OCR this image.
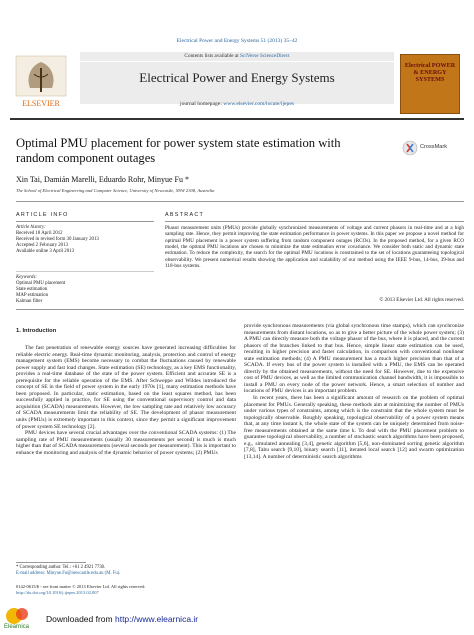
Electrical Power and Energy Systems 51 (2013) 35–42
ELSEVIER
Contents lists available at SciVerse ScienceDirect
Electrical Power and Energy Systems
journal homepage: www.elsevier.com/locate/ijepes
Electrical POWER & ENERGY SYSTEMS
Optimal PMU placement for power system state estimation with random component outages
CrossMark
Xin Tai, Damián Marelli, Eduardo Rohr, Minyue Fu *
The School of Electrical Engineering and Computer Science, University of Newcastle, NSW 2308, Australia
ARTICLE INFO
Article history:
Received 18 April 2012
Received in revised form 30 January 2013
Accepted 2 February 2013
Available online 3 April 2013
Keywords:
Optimal PMU placement
State estimation
MAP estimation
Kalman filter
ABSTRACT
Phasor measurement units (PMUs) provide globally synchronized measurements of voltage and current phasors in real-time and at a high sampling rate. Hence, they permit improving the state estimation performance in power systems. In this paper we propose a novel method for optimal PMU placement in a power system suffering from random component outages (RCOs). In the proposed method, for a given RCO model, the optimal PMU locations are chosen to minimize the state estimation error covariance. We consider both static and dynamic state estimation. To reduce the complexity, the search for the optimal PMU locations is constrained to the set of locations guaranteeing topological observability. We present numerical results showing the application and scalability of our method using the IEEE 9-bus, 14-bus, 39-bus and 118-bus systems.
© 2013 Elsevier Ltd. All rights reserved.
1. Introduction

The fast penetration of renewable energy sources have generated increasing difficulties for reliable electric energy. Real-time dynamic monitoring, analysis, protection and control of energy management system (EMS) become necessary to combat the fluctuations caused by renewable power supply and fast load changes. State estimation (SE) technology, as a key EMS functionality, provides a real-time database of the state of the power system. Efficient and accurate SE is a prerequisite for the reliable operation of the EMS. After Schweppe and Wildes introduced the concept of SE in the field of power system in the early 1970s [1], many estimation methods have been proposed. In particular, static estimation, based on the least squares method, has been successfully applied in practice, for SE using the conventional supervisory control and data acquisition (SCADA) measurements. However, the low sampling rate and relatively low accuracy of SCADA measurements limit the reliability of SE. The development of phasor measurement units (PMUs) is extremely important in this context, since they permit a significant improvement of power system SE technology [2].

PMU devices have several crucial advantages over the conventional SCADA systems: (1) The sampling rate of PMU measurements (usually 30 measurements per second) is much is much higher than that of SCADA measurements (several seconds per measurement). This is important to enhance the monitoring and analysis of the dynamic behavior of power systems; (2) PMUs

provide synchronous measurements (via global synchronous time stamps), which can synchronize measurements from distant locations, so as to give a better picture of the whole power system; (3) A PMU can directly measure both the voltage phasor of the bus, where it is placed, and the current phasors of the branches linked to that bus. Hence, simple linear state estimation can be used, resulting in higher precision and faster calculation, in comparison with conventional nonlinear state estimation methods; (4) A PMU measurement has a much higher precision than that of a SCADA. If every bus of the power system is installed with a PMU, the EMS can be operated directly by the obtained measurements, without the need for SE. However, due to the expensive cost of PMU devices, as well as the limited communication channel bandwidth, it is impossible to install a PMU on every node of the power network. Hence, a smart selection of number and locations of PMU devices is an important problem.

In recent years, there has been a significant amount of research on the problem of optimal placement for PMUs. Generally speaking, these methods aim at minimizing the number of PMUs under various types of constraints, among which is the constraint that the whole system must be topologically observable. Roughly speaking, topological observability of a power system means that, at any time instant k, the whole state of the system can be uniquely determined from noise-free measurements obtained at the same time k. To deal with the PMU placement problem to guarantee topological observability, a number of stochastic search algorithms have been proposed, e.g., simulated annealing [3,4], genetic algorithm [5,6], non-dominated sorting genetic algorithm [7,8], Tabu search [9,10], binary search [11], iterated local search [12] and swarm optimization [13,14]. A number of deterministic search algorithms

* Corresponding author. Tel.: +61 2 4921 7730.
E-mail address: Minyue.Fu@newcastle.edu.au (M. Fu).
0142-0615/$ - see front matter © 2013 Elsevier Ltd. All rights reserved.
http://dx.doi.org/10.1016/j.ijepes.2013.02.007
Elearnica
Downloaded from http://www.elearnica.ir
